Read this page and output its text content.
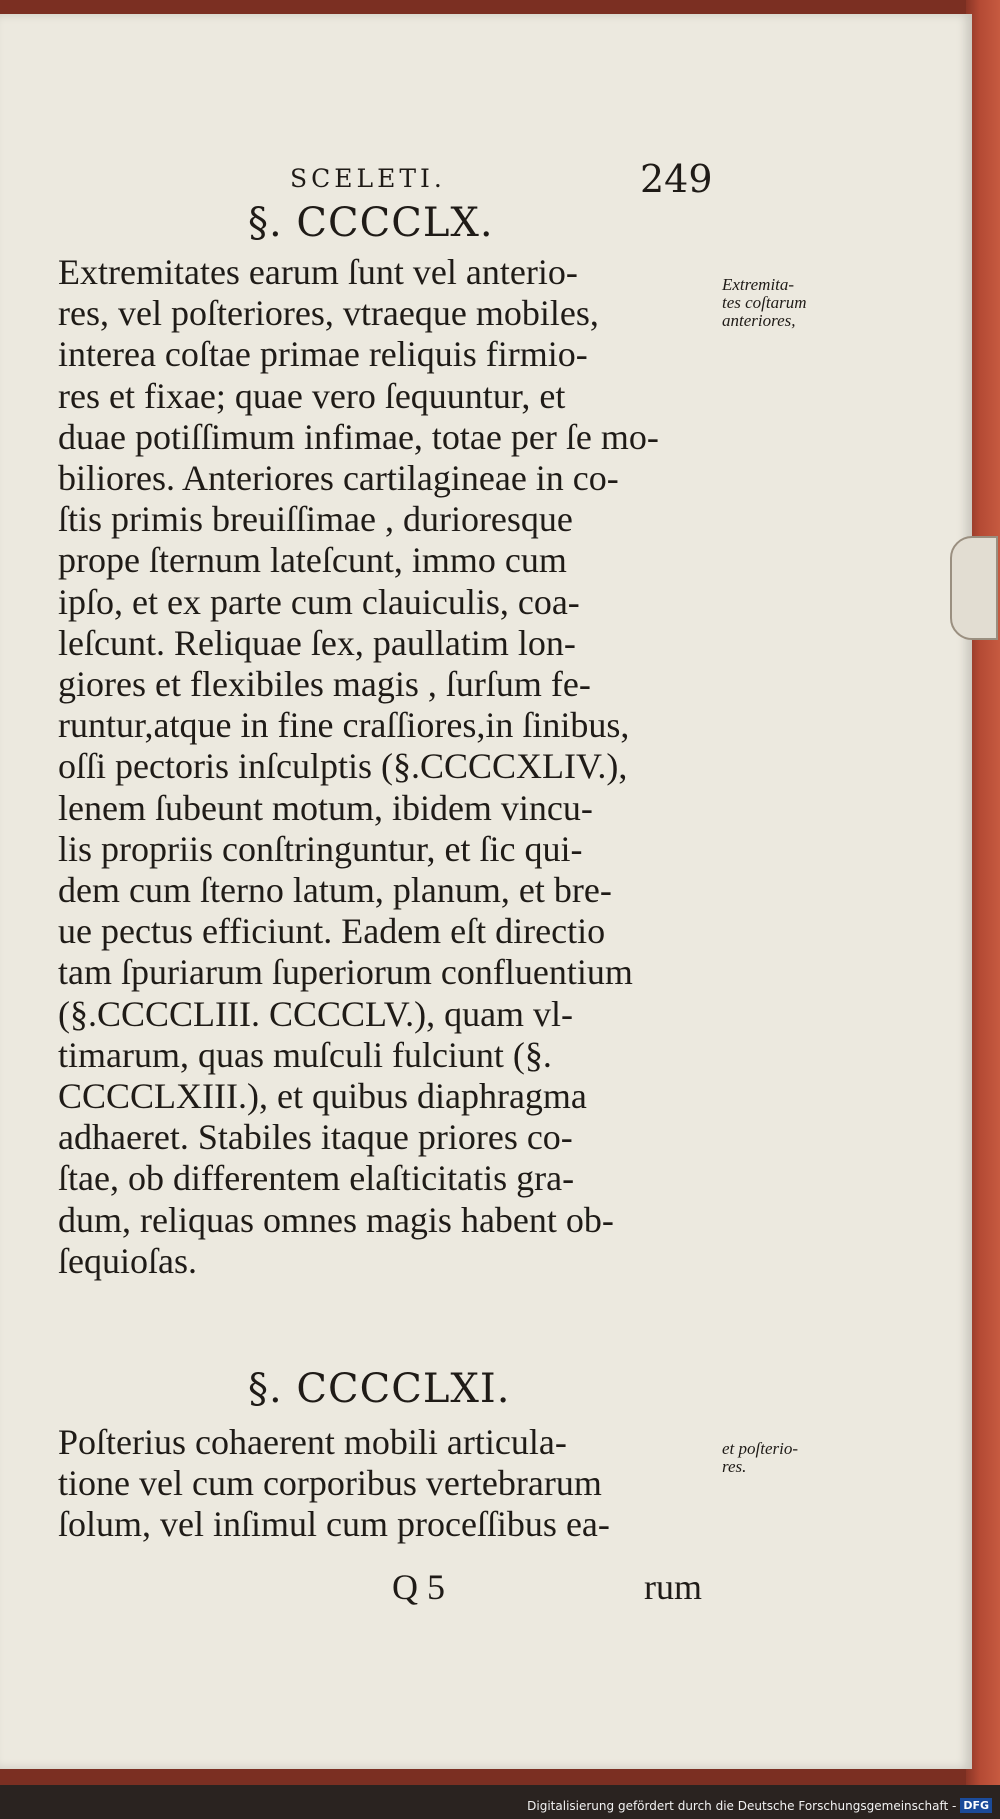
SCELETI.	249
§. CCCCLX.
Extremitates earum ſunt vel anterio-
res, vel poſteriores, vtraeque mobiles,
interea coſtae primae reliquis firmio-
res et fixae; quae vero ſequuntur, et
duae potiſſimum infimae, totae per ſe mo-
biliores. Anteriores cartilagineae in co-
ſtis primis breuiſſimae , durioresque
prope ſternum lateſcunt, immo cum
ipſo, et ex parte cum clauiculis, coa-
leſcunt. Reliquae ſex, paullatim lon-
giores et flexibiles magis , ſurſum fe-
runtur,atque in fine craſſiores,in ſinibus,
oſſi pectoris inſculptis (§.CCCCXLIV.),
lenem ſubeunt motum, ibidem vincu-
lis propriis conſtringuntur, et ſic qui-
dem cum ſterno latum, planum, et bre-
ue pectus efficiunt. Eadem eſt directio
tam ſpuriarum ſuperiorum confluentium
(§.CCCCLIII. CCCCLV.), quam vl-
timarum, quas muſculi fulciunt (§.
CCCCLXIII.), et quibus diaphragma
adhaeret. Stabiles itaque priores co-
ſtae, ob differentem elaſticitatis gra-
dum, reliquas omnes magis habent ob-
ſequioſas.
Extremita-
tes coſtarum
anteriores,
§. CCCCLXI.
Poſterius cohaerent mobili articula-
tione vel cum corporibus vertebrarum
ſolum, vel inſimul cum proceſſibus ea-
et poſterio-
res.
Q 5	rum
Digitalisierung gefördert durch die Deutsche Forschungsgemeinschaft - DFG
